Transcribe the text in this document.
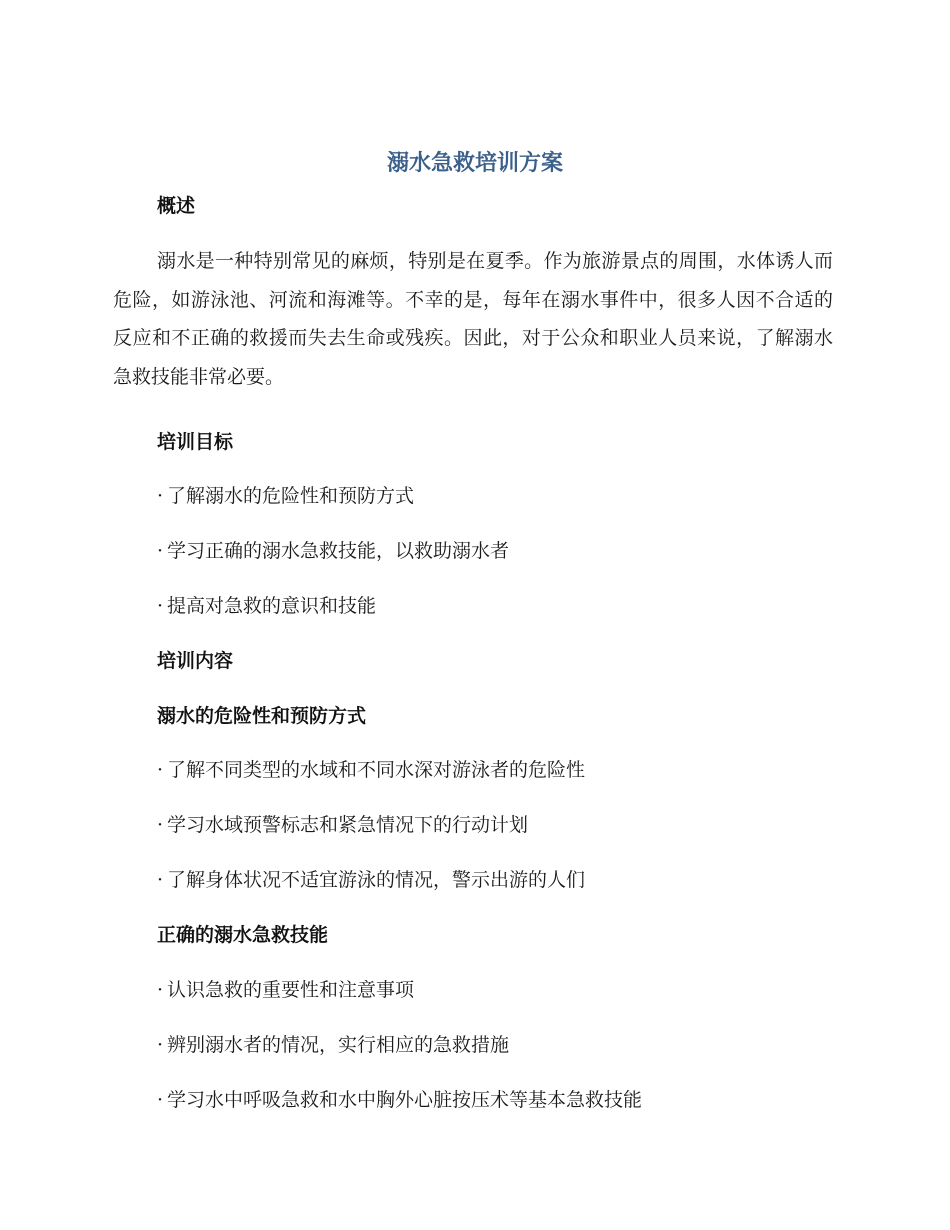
溺水急救培训方案
概述

溺水是一种特别常见的麻烦，特别是在夏季。作为旅游景点的周围，水体诱人而危险，如游泳池、河流和海滩等。不幸的是，每年在溺水事件中，很多人因不合适的反应和不正确的救援而失去生命或残疾。因此，对于公众和职业人员来说，了解溺水急救技能非常必要。

培训目标

· 了解溺水的危险性和预防方式

· 学习正确的溺水急救技能，以救助溺水者

· 提高对急救的意识和技能

培训内容
溺水的危险性和预防方式

· 了解不同类型的水域和不同水深对游泳者的危险性

· 学习水域预警标志和紧急情况下的行动计划

· 了解身体状况不适宜游泳的情况，警示出游的人们

正确的溺水急救技能

· 认识急救的重要性和注意事项

· 辨别溺水者的情况，实行相应的急救措施

· 学习水中呼吸急救和水中胸外心脏按压术等基本急救技能
